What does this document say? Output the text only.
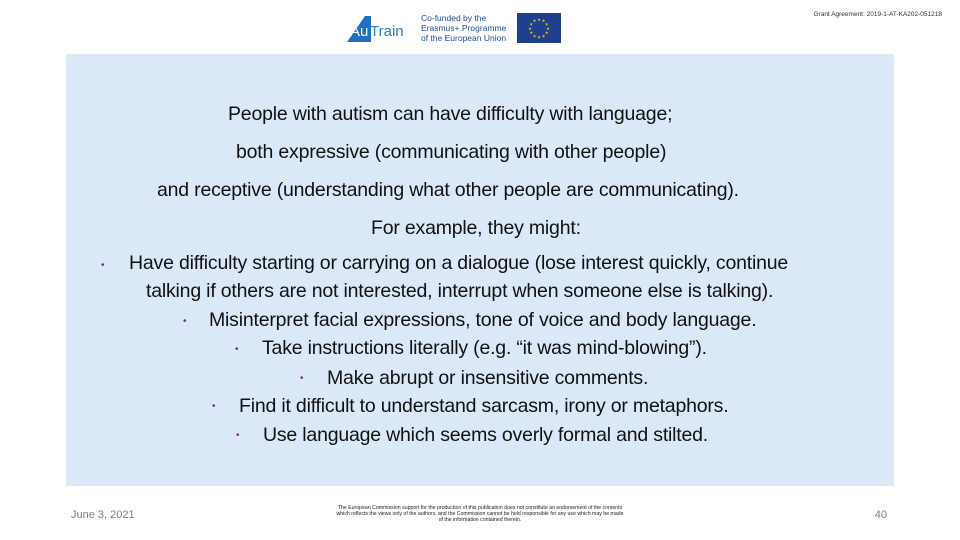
Au Train
Co-funded by the
Erasmus+ Programme
of the European Union
★ ★
★
★
★
★
★
★
★
★
★
★
Grant Agreement: 2019-1-AT-KA202-051218
People with autism can have difficulty with language;
both expressive (communicating with other people)
and receptive (understanding what other people are communicating).
For example, they might:
• Have difficulty starting or carrying on a dialogue (lose interest quickly, continue
talking if others are not interested, interrupt when someone else is talking).
• Misinterpret facial expressions, tone of voice and body language.
• Take instructions literally (e.g. “it was mind-blowing”).
• Make abrupt or insensitive comments.
• Find it difficult to understand sarcasm, irony or metaphors.
• Use language which seems overly formal and stilted.
June 3, 2021
The European Commission support for the production of this publication does not constitute an endorsement of the contents
which reflects the views only of the authors, and the Commission cannot be held responsible for any use which may be made
of the information contained therein.	40
